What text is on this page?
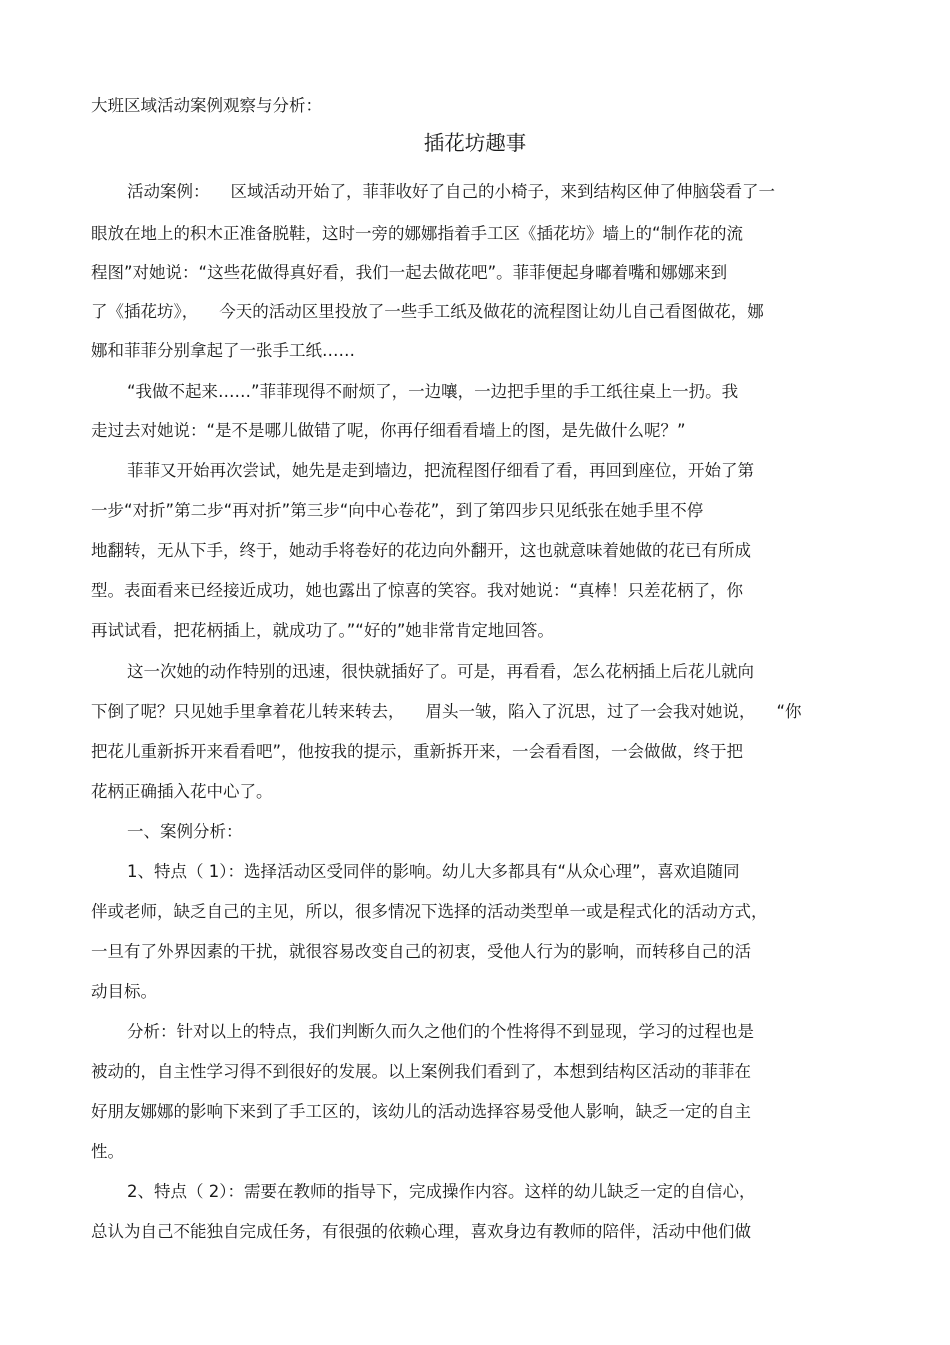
大班区域活动案例观察与分析：
插花坊趣事
活动案例：    区域活动开始了，菲菲收好了自己的小椅子，来到结构区伸了伸脑袋看了一
眼放在地上的积木正准备脱鞋，这时一旁的娜娜指着手工区《插花坊》墙上的“制作花的流
程图”对她说：“这些花做得真好看，我们一起去做花吧”。菲菲便起身嘟着嘴和娜娜来到
了《插花坊》，    今天的活动区里投放了一些手工纸及做花的流程图让幼儿自己看图做花，娜
娜和菲菲分别拿起了一张手工纸……
“我做不起来……”菲菲现得不耐烦了，一边嚷，一边把手里的手工纸往桌上一扔。我
走过去对她说：“是不是哪儿做错了呢，你再仔细看看墙上的图，是先做什么呢？”
菲菲又开始再次尝试，她先是走到墙边，把流程图仔细看了看，再回到座位，开始了第
一步“对折”第二步“再对折”第三步“向中心卷花”，到了第四步只见纸张在她手里不停
地翻转，无从下手，终于，她动手将卷好的花边向外翻开，这也就意味着她做的花已有所成
型。表面看来已经接近成功，她也露出了惊喜的笑容。我对她说：“真棒！只差花柄了，你
再试试看，把花柄插上，就成功了。”“好的”她非常肯定地回答。
这一次她的动作特别的迅速，很快就插好了。可是，再看看，怎么花柄插上后花儿就向
下倒了呢？只见她手里拿着花儿转来转去，    眉头一皱，陷入了沉思，过了一会我对她说，    “你
把花儿重新拆开来看看吧”，他按我的提示，重新拆开来，一会看看图，一会做做，终于把
花柄正确插入花中心了。
一、案例分析：
1、特点（ 1）：选择活动区受同伴的影响。幼儿大多都具有“从众心理”，喜欢追随同
伴或老师，缺乏自己的主见，所以，很多情况下选择的活动类型单一或是程式化的活动方式，
一旦有了外界因素的干扰，就很容易改变自己的初衷，受他人行为的影响，而转移自己的活
动目标。
分析：针对以上的特点，我们判断久而久之他们的个性将得不到显现，学习的过程也是
被动的，自主性学习得不到很好的发展。以上案例我们看到了，本想到结构区活动的菲菲在
好朋友娜娜的影响下来到了手工区的，该幼儿的活动选择容易受他人影响，缺乏一定的自主
性。
2、特点（ 2）：需要在教师的指导下，完成操作内容。这样的幼儿缺乏一定的自信心，
总认为自己不能独自完成任务，有很强的依赖心理，喜欢身边有教师的陪伴，活动中他们做
